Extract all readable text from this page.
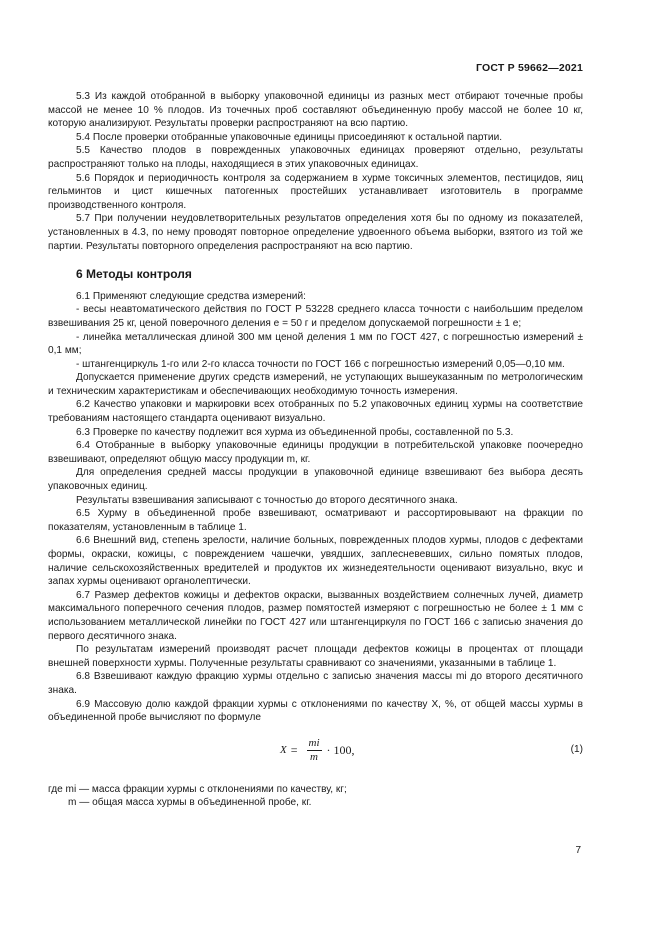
ГОСТ Р 59662—2021

5.3 Из каждой отобранной в выборку упаковочной единицы из разных мест отбирают точечные пробы массой не менее 10 % плодов. Из точечных проб составляют объединенную пробу массой не более 10 кг, которую анализируют. Результаты проверки распространяют на всю партию.

5.4 После проверки отобранные упаковочные единицы присоединяют к остальной партии.

5.5 Качество плодов в поврежденных упаковочных единицах проверяют отдельно, результаты распространяют только на плоды, находящиеся в этих упаковочных единицах.

5.6 Порядок и периодичность контроля за содержанием в хурме токсичных элементов, пестицидов, яиц гельминтов и цист кишечных патогенных простейших устанавливает изготовитель в программе производственного контроля.

5.7 При получении неудовлетворительных результатов определения хотя бы по одному из показателей, установленных в 4.3, по нему проводят повторное определение удвоенного объема выборки, взятого из той же партии. Результаты повторного определения распространяют на всю партию.

6 Методы контроля

6.1 Применяют следующие средства измерений:

- весы неавтоматического действия по ГОСТ Р 53228 среднего класса точности с наибольшим пределом взвешивания 25 кг, ценой поверочного деления e = 50 г и пределом допускаемой погрешности ± 1 e;

- линейка металлическая длиной 300 мм ценой деления 1 мм по ГОСТ 427, с погрешностью измерений ± 0,1 мм;

- штангенциркуль 1-го или 2-го класса точности по ГОСТ 166 с погрешностью измерений 0,05—0,10 мм.

Допускается применение других средств измерений, не уступающих вышеуказанным по метрологическим и техническим характеристикам и обеспечивающих необходимую точность измерения.

6.2 Качество упаковки и маркировки всех отобранных по 5.2 упаковочных единиц хурмы на соответствие требованиям настоящего стандарта оценивают визуально.

6.3 Проверке по качеству подлежит вся хурма из объединенной пробы, составленной по 5.3.

6.4 Отобранные в выборку упаковочные единицы продукции в потребительской упаковке поочередно взвешивают, определяют общую массу продукции m, кг.

Для определения средней массы продукции в упаковочной единице взвешивают без выбора десять упаковочных единиц.

Результаты взвешивания записывают с точностью до второго десятичного знака.

6.5 Хурму в объединенной пробе взвешивают, осматривают и рассортировывают на фракции по показателям, установленным в таблице 1.

6.6 Внешний вид, степень зрелости, наличие больных, поврежденных плодов хурмы, плодов с дефектами формы, окраски, кожицы, с повреждением чашечки, увядших, заплесневевших, сильно помятых плодов, наличие сельскохозяйственных вредителей и продуктов их жизнедеятельности оценивают визуально, вкус и запах хурмы оценивают органолептически.

6.7 Размер дефектов кожицы и дефектов окраски, вызванных воздействием солнечных лучей, диаметр максимального поперечного сечения плодов, размер помятостей измеряют с погрешностью не более ± 1 мм с использованием металлической линейки по ГОСТ 427 или штангенциркуля по ГОСТ 166 с записью значения до первого десятичного знака.

По результатам измерений производят расчет площади дефектов кожицы в процентах от площади внешней поверхности хурмы. Полученные результаты сравнивают со значениями, указанными в таблице 1.

6.8 Взвешивают каждую фракцию хурмы отдельно с записью значения массы mi до второго десятичного знака.

6.9 Массовую долю каждой фракции хурмы с отклонениями по качеству X, %, от общей массы хурмы в объединенной пробе вычисляют по формуле

$X = \frac{mi}{m} \cdot 100$,	(1)

где mi — масса фракции хурмы с отклонениями по качеству, кг;

m — общая масса хурмы в объединенной пробе, кг.

7
